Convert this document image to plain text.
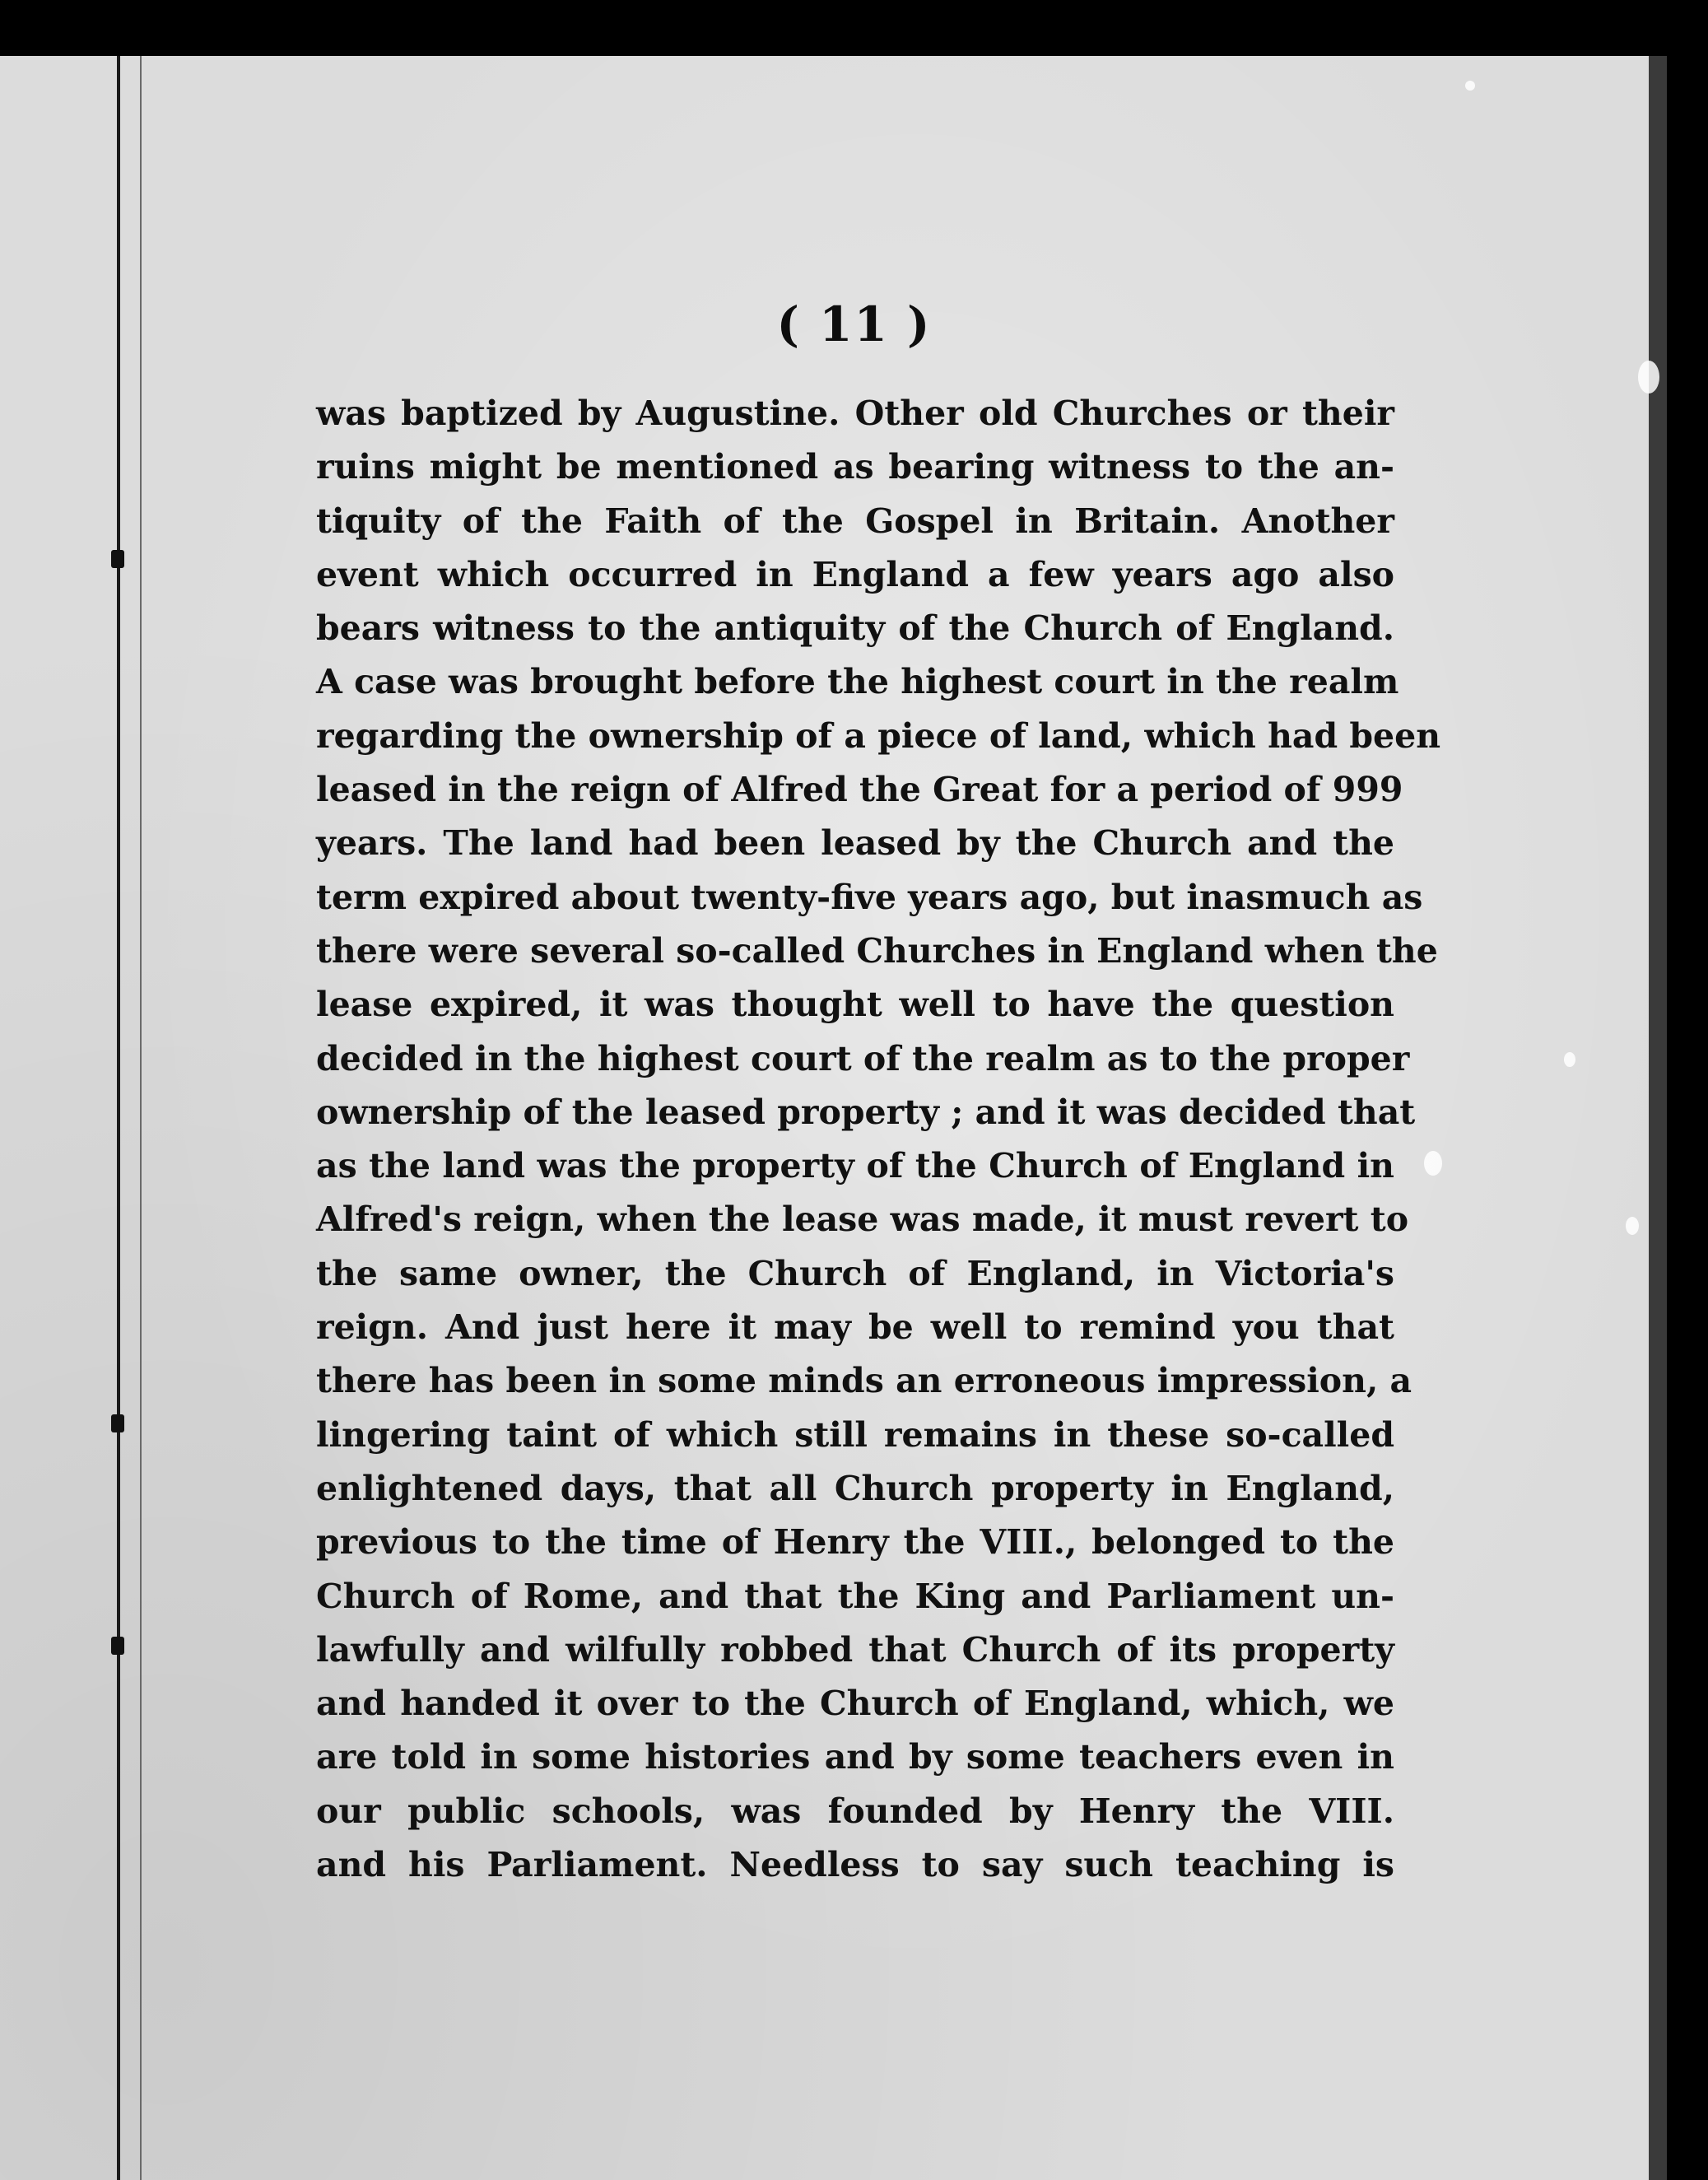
( 11 )
was baptized by Augustine. Other old Churches or their
ruins might be mentioned as bearing witness to the an-
tiquity of the Faith of the Gospel in Britain. Another
event which occurred in England a few years ago also
bears witness to the antiquity of the Church of England.
A case was brought before the highest court in the realm
regarding the ownership of a piece of land, which had been
leased in the reign of Alfred the Great for a period of 999
years. The land had been leased by the Church and the
term expired about twenty-five years ago, but inasmuch as
there were several so-called Churches in England when the
lease expired, it was thought well to have the question
decided in the highest court of the realm as to the proper
ownership of the leased property ; and it was decided that
as the land was the property of the Church of England in
Alfred's reign, when the lease was made, it must revert to
the same owner, the Church of England, in Victoria's
reign. And just here it may be well to remind you that
there has been in some minds an erroneous impression, a
lingering taint of which still remains in these so-called
enlightened days, that all Church property in England,
previous to the time of Henry the VIII., belonged to the
Church of Rome, and that the King and Parliament un-
lawfully and wilfully robbed that Church of its property
and handed it over to the Church of England, which, we
are told in some histories and by some teachers even in
our public schools, was founded by Henry the VIII.
and his Parliament. Needless to say such teaching is
